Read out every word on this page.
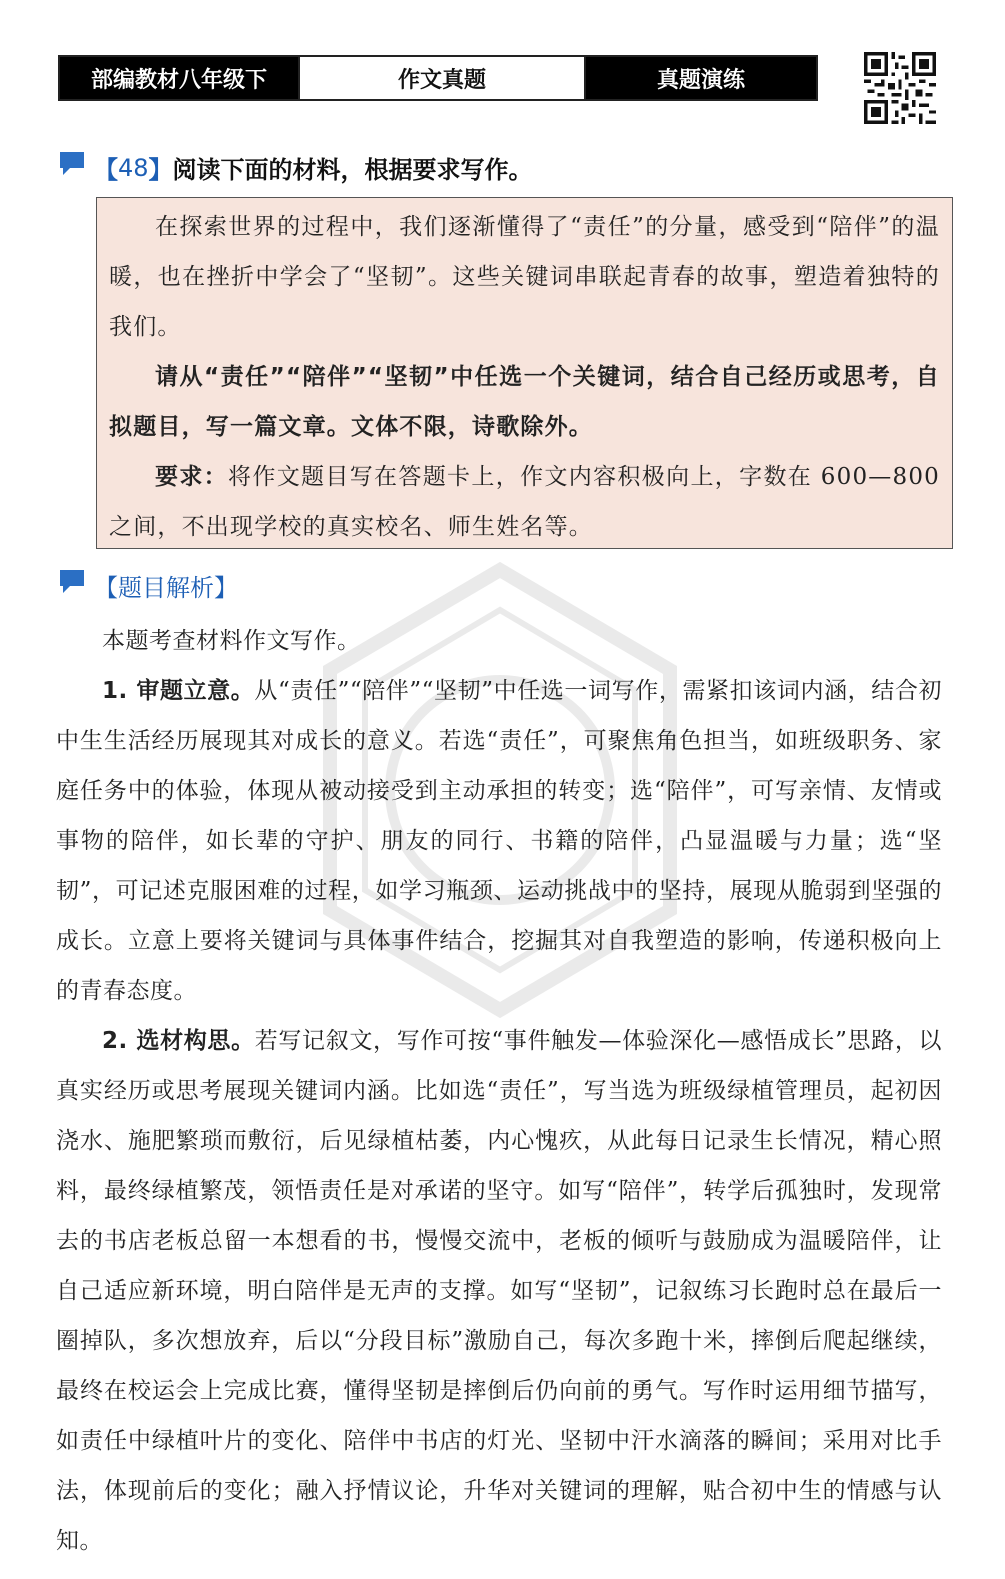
部编教材八年级下	作文真题	真题演练
【 48 】 阅读下面的材料，根据要求写作。

在探索世界的过程中，我们逐渐懂得了“责任”的分量，感受到“陪伴”的温暖，也在挫折中学会了“坚韧”。这些关键词串联起青春的故事，塑造着独特的我们。

请从“责任”“陪伴”“坚韧”中任选一个关键词，结合自己经历或思考，自拟题目，写一篇文章。文体不限，诗歌除外。

要求：将作文题目写在答题卡上，作文内容积极向上，字数在 600—800 之间，不出现学校的真实校名、师生姓名等。

【题目解析】

本题考查材料作文写作。

1. 审题立意。从“责任”“陪伴”“坚韧”中任选一词写作，需紧扣该词内涵，结合初中生生活经历展现其对成长的意义。若选“责任”，可聚焦角色担当，如班级职务、家庭任务中的体验，体现从被动接受到主动承担的转变；选“陪伴”，可写亲情、友情或事物的陪伴，如长辈的守护、朋友的同行、书籍的陪伴，凸显温暖与力量；选“坚韧”，可记述克服困难的过程，如学习瓶颈、运动挑战中的坚持，展现从脆弱到坚强的成长。立意上要将关键词与具体事件结合，挖掘其对自我塑造的影响，传递积极向上的青春态度。

2. 选材构思。若写记叙文，写作可按“事件触发—体验深化—感悟成长”思路，以真实经历或思考展现关键词内涵。比如选“责任”，写当选为班级绿植管理员，起初因浇水、施肥繁琐而敷衍，后见绿植枯萎，内心愧疚，从此每日记录生长情况，精心照料，最终绿植繁茂，领悟责任是对承诺的坚守。如写“陪伴”，转学后孤独时，发现常去的书店老板总留一本想看的书，慢慢交流中，老板的倾听与鼓励成为温暖陪伴，让自己适应新环境，明白陪伴是无声的支撑。如写“坚韧”，记叙练习长跑时总在最后一圈掉队，多次想放弃，后以“分段目标”激励自己，每次多跑十米，摔倒后爬起继续，最终在校运会上完成比赛，懂得坚韧是摔倒后仍向前的勇气。写作时运用细节描写，如责任中绿植叶片的变化、陪伴中书店的灯光、坚韧中汗水滴落的瞬间；采用对比手法，体现前后的变化；融入抒情议论，升华对关键词的理解，贴合初中生的情感与认知。
